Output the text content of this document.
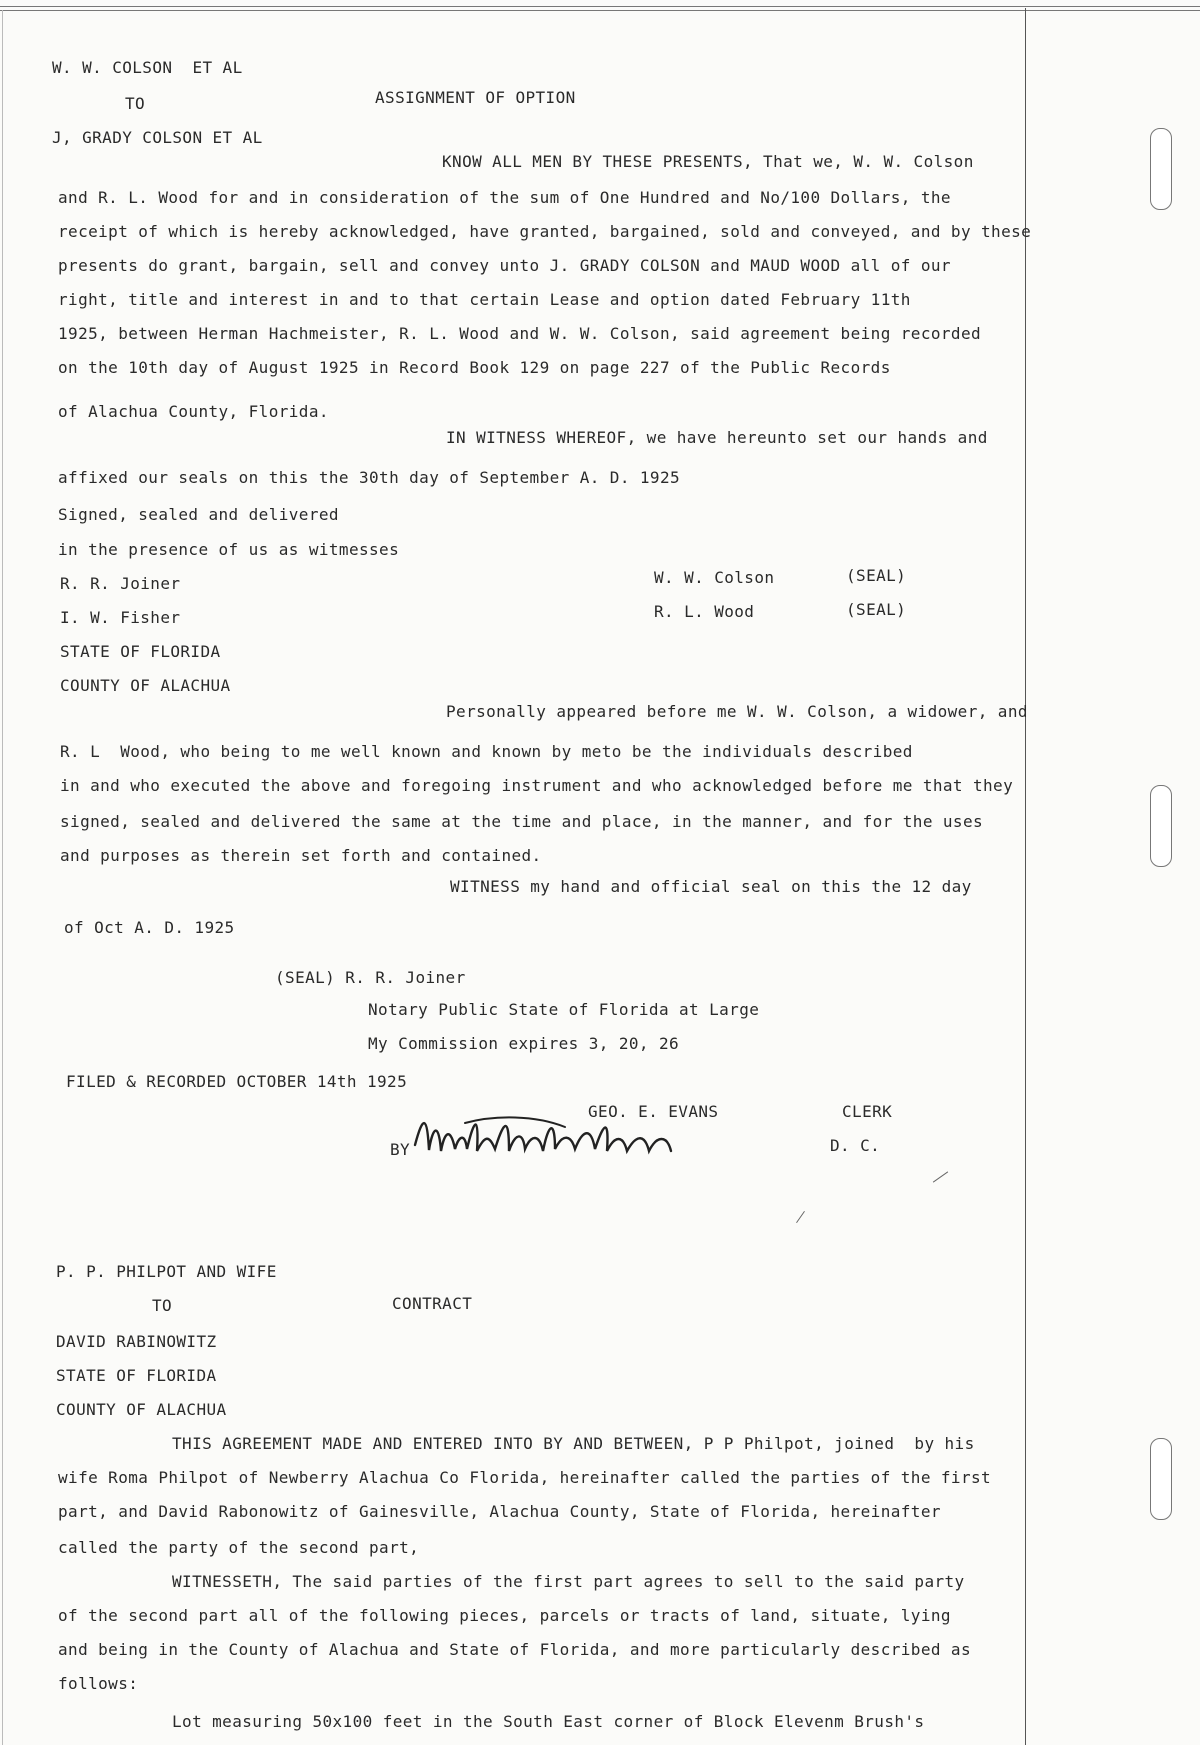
W. W. COLSON  ET AL
TO	ASSIGNMENT OF OPTION
J, GRADY COLSON ET AL
KNOW ALL MEN BY THESE PRESENTS, That we, W. W. Colson
and R. L. Wood for and in consideration of the sum of One Hundred and No/100 Dollars, the
receipt of which is hereby acknowledged, have granted, bargained, sold and conveyed, and by these
presents do grant, bargain, sell and convey unto J. GRADY COLSON and MAUD WOOD all of our
right, title and interest in and to that certain Lease and option dated February 11th
1925, between Herman Hachmeister, R. L. Wood and W. W. Colson, said agreement being recorded
on the 10th day of August 1925 in Record Book 129 on page 227 of the Public Records
of Alachua County, Florida.
IN WITNESS WHEREOF, we have hereunto set our hands and
affixed our seals on this the 30th day of September A. D. 1925
Signed, sealed and delivered
in the presence of us as witmesses
R. R. Joiner
I. W. Fisher
W. W. Colson	(SEAL)
R. L. Wood	(SEAL)
STATE OF FLORIDA
COUNTY OF ALACHUA
Personally appeared before me W. W. Colson, a widower, and
R. L  Wood, who being to me well known and known by meto be the individuals described
in and who executed the above and foregoing instrument and who acknowledged before me that they
signed, sealed and delivered the same at the time and place, in the manner, and for the uses
and purposes as therein set forth and contained.
WITNESS my hand and official seal on this the 12 day
of Oct A. D. 1925
(SEAL) R. R. Joiner
Notary Public State of Florida at Large
My Commission expires 3, 20, 26
FILED & RECORDED OCTOBER 14th 1925
GEO. E. EVANS	CLERK
BY	D. C.
P. P. PHILPOT AND WIFE
TO	CONTRACT
DAVID RABINOWITZ
STATE OF FLORIDA
COUNTY OF ALACHUA
THIS AGREEMENT MADE AND ENTERED INTO BY AND BETWEEN, P P Philpot, joined  by his
wife Roma Philpot of Newberry Alachua Co Florida, hereinafter called the parties of the first
part, and David Rabonowitz of Gainesville, Alachua County, State of Florida, hereinafter
called the party of the second part,
WITNESSETH, The said parties of the first part agrees to sell to the said party
of the second part all of the following pieces, parcels or tracts of land, situate, lying
and being in the County of Alachua and State of Florida, and more particularly described as
follows:
Lot measuring 50x100 feet in the South East corner of Block Elevenm Brush's
